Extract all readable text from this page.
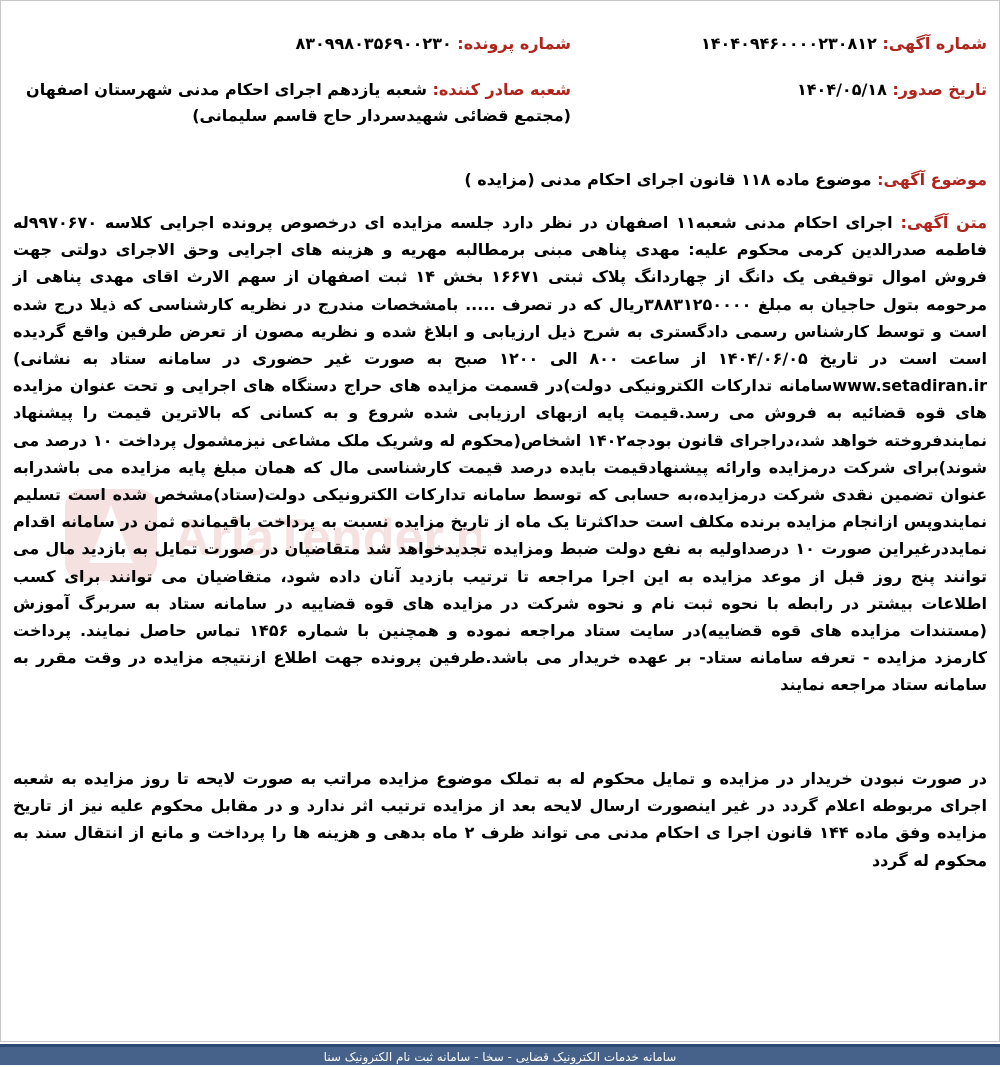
شماره آگهی: ۱۴۰۴۰۹۴۶۰۰۰۰۲۳۰۸۱۲
شماره پرونده: ۸۳۰۹۹۸۰۳۵۶۹۰۰۲۳۰
تاریخ صدور: ۱۴۰۴/۰۵/۱۸
شعبه صادر کننده: شعبه یازدهم اجرای احکام مدنی شهرستان اصفهان (مجتمع قضائی شهیدسردار حاج قاسم سلیمانی)
موضوع آگهی: موضوع ماده ۱۱۸ قانون اجرای احکام مدنی (مزایده )
AriaTender.n
متن آگهی: اجرای احکام مدنی شعبه۱۱ اصفهان در نظر دارد جلسه مزایده ای درخصوص پرونده اجرایی کلاسه ۹۹۷۰۶۷۰له فاطمه صدرالدین کرمی محکوم علیه: مهدی پناهی مبنی برمطالبه مهریه و هزینه های اجرایی وحق الاجرای دولتی جهت فروش اموال توقیفی یک دانگ از چهاردانگ پلاک ثبتی ۱۶۶۷۱ بخش ۱۴ ثبت اصفهان از سهم الارث اقای مهدی پناهی از مرحومه بتول حاجیان به مبلغ ۳۸۸۳۱۲۵۰۰۰۰ریال که در تصرف ..... بامشخصات مندرج در نظریه کارشناسی که ذیلا درج شده است و توسط کارشناس رسمی دادگستری به شرح ذیل ارزیابی و ابلاغ شده و نظریه مصون از تعرض طرفین واقع گردیده است است در تاریخ ۱۴۰۴/۰۶/۰۵ از ساعت ۸۰۰ الی ۱۲۰۰ صبح به صورت غیر حضوری در سامانه ستاد به نشانی) www.setadiran.irسامانه تدارکات الکترونیکی دولت)در قسمت مزایده های حراج دستگاه های اجرایی و تحت عنوان مزایده های قوه قضائیه به فروش می رسد.قیمت پایه ازبهای ارزیابی شده شروع و به کسانی که بالاترین قیمت را پیشنهاد نمایندفروخته خواهد شد،دراجرای قانون بودجه۱۴۰۲ اشخاص(محکوم له وشریک ملک مشاعی نیزمشمول پرداخت ۱۰ درصد می شوند)برای شرکت درمزایده وارائه پیشنهادقیمت بایده درصد قیمت کارشناسی مال که همان مبلغ پایه مزایده می باشدرابه عنوان تضمین نقدی شرکت درمزایده،به حسابی که توسط سامانه تدارکات الکترونیکی دولت(ستاد)مشخص شده است تسلیم نمایندوپس ازانجام مزایده برنده مکلف است حداکثرتا یک ماه از تاریخ مزایده نسبت به پرداخت باقیمانده ثمن در سامانه اقدام نمایددرغیراین صورت ۱۰ درصداولیه به نفع دولت ضبط ومزایده تجدیدخواهد شد متقاضیان در صورت تمایل به بازدید مال می توانند پنج روز قبل از موعد مزایده به این اجرا مراجعه تا ترتیب بازدید آنان داده شود، متقاضیان می توانند برای کسب اطلاعات بیشتر در رابطه با نحوه ثبت نام و نحوه شرکت در مزایده های قوه قضاییه در سامانه ستاد به سربرگ آموزش (مستندات مزایده های قوه قضاییه)در سایت ستاد مراجعه نموده و همچنین با شماره ۱۴۵۶ تماس حاصل نمایند. پرداخت کارمزد مزایده - تعرفه سامانه ستاد- بر عهده خریدار می باشد.طرفین پرونده جهت اطلاع ازنتیجه مزایده در وقت مقرر به سامانه ستاد مراجعه نمایند
در صورت نبودن خریدار در مزایده و تمایل محکوم له به تملک موضوع مزایده مراتب به صورت لایحه تا روز مزایده به شعبه اجرای مربوطه اعلام گردد در غیر اینصورت ارسال لایحه بعد از مزایده ترتیب اثر ندارد و در مقابل محکوم علیه نیز از تاریخ مزایده وفق ماده ۱۴۴ قانون اجرا ی احکام مدنی می تواند ظرف ۲ ماه بدهی و هزینه ها را پرداخت و مانع از انتقال سند به محکوم له گردد
سامانه خدمات الکترونیک قضایی - سخا - سامانه ثبت نام الکترونیک سنا
